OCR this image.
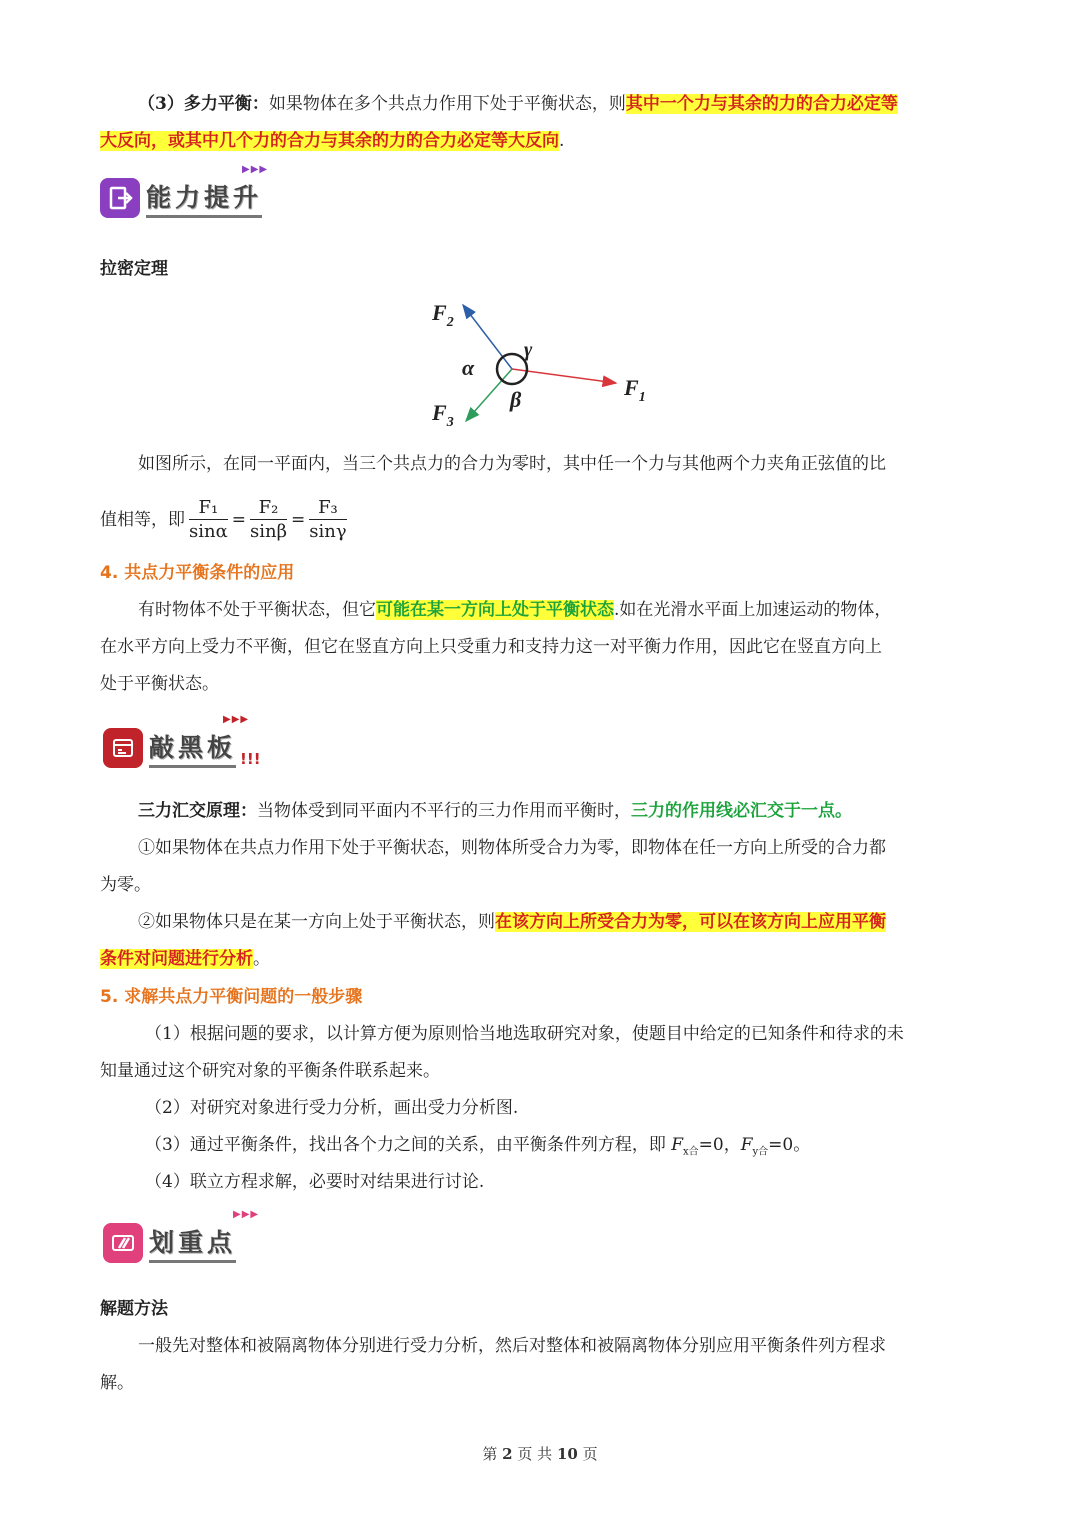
（3）多力平衡：如果物体在多个共点力作用下处于平衡状态，则其中一个力与其余的力的合力必定等
大反向，或其中几个力的合力与其余的力的合力必定等大反向.
▶▶▶
能力提升
拉密定理
$F_2$
$F_1$
$F_3$
α
γ
β
如图所示，在同一平面内，当三个共点力的合力为零时，其中任一个力与其他两个力夹角正弦值的比
值相等，即 $\frac{\text{F₁}}{\sin\alpha} = \frac{\text{F₂}}{\sin\beta} = \frac{\text{F₃}}{\sin\gamma}$
4. 共点力平衡条件的应用
有时物体不处于平衡状态，但它可能在某一方向上处于平衡状态.如在光滑水平面上加速运动的物体，
在水平方向上受力不平衡，但它在竖直方向上只受重力和支持力这一对平衡力作用，因此它在竖直方向上
处于平衡状态。
▶▶▶
敲黑板 !!!
三力汇交原理：当物体受到同平面内不平行的三力作用而平衡时，三力的作用线必汇交于一点。
①如果物体在共点力作用下处于平衡状态，则物体所受合力为零，即物体在任一方向上所受的合力都
为零。
②如果物体只是在某一方向上处于平衡状态，则在该方向上所受合力为零，可以在该方向上应用平衡
条件对问题进行分析。
5. 求解共点力平衡问题的一般步骤
（1）根据问题的要求，以计算方便为原则恰当地选取研究对象，使题目中给定的已知条件和待求的未
知量通过这个研究对象的平衡条件联系起来。
（2）对研究对象进行受力分析，画出受力分析图.
（3）通过平衡条件，找出各个力之间的关系，由平衡条件列方程，即 $F_{x合}=0$，$F_{y合}=0$。
（4）联立方程求解，必要时对结果进行讨论.
▶▶▶
划重点
解题方法
一般先对整体和被隔离物体分别进行受力分析，然后对整体和被隔离物体分别应用平衡条件列方程求
解。
第 2 页 共 10 页
